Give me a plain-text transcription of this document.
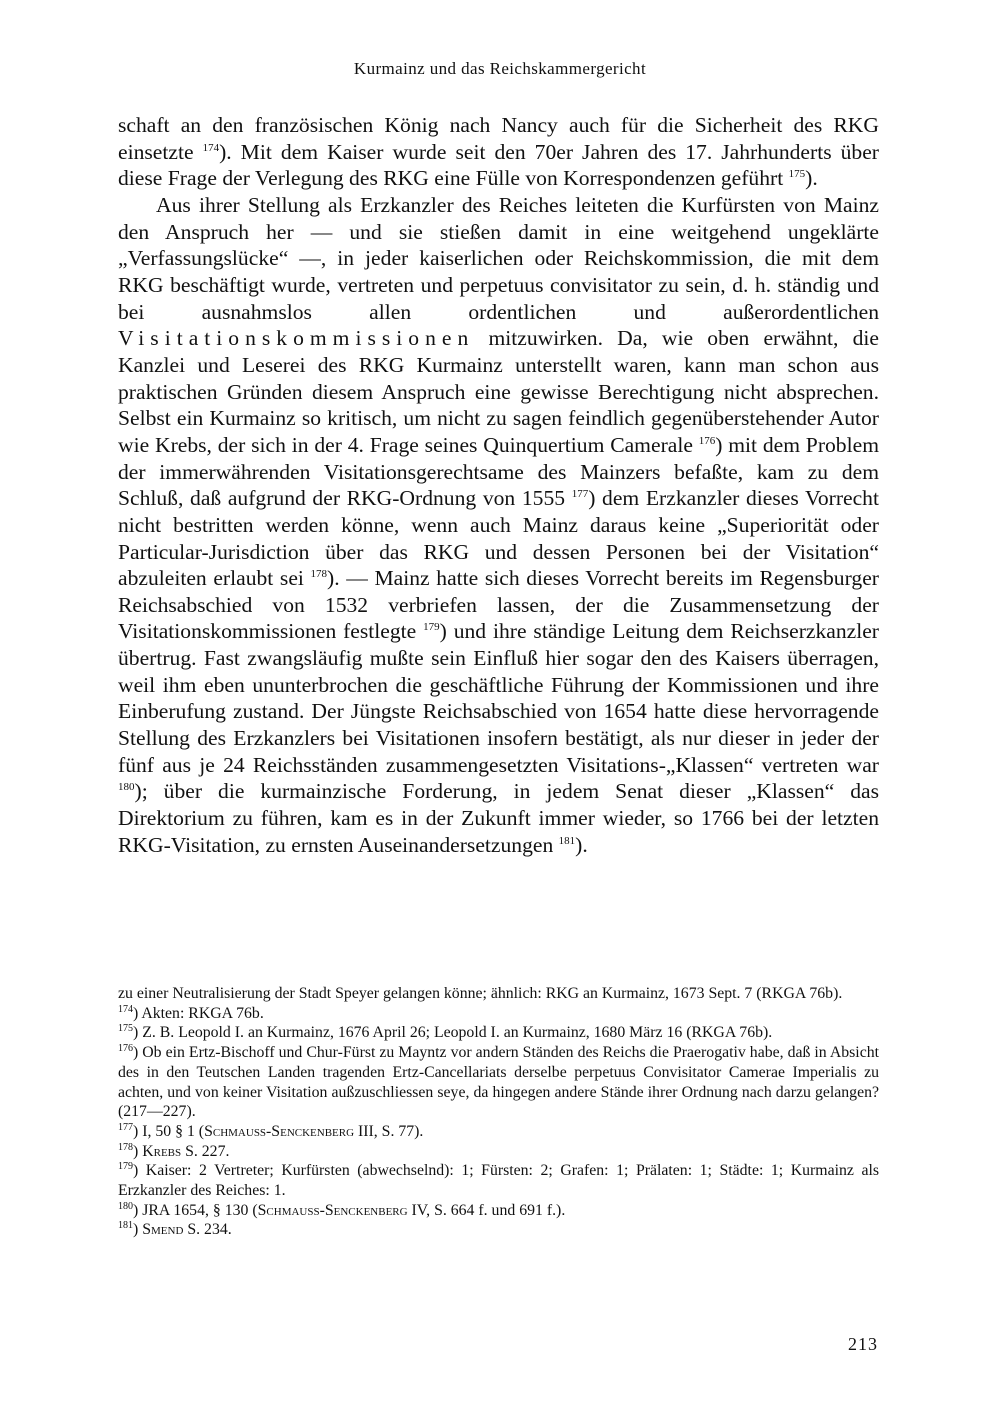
Kurmainz und das Reichskammergericht

schaft an den französischen König nach Nancy auch für die Sicherheit des RKG einsetzte $^{174}$). Mit dem Kaiser wurde seit den 70er Jahren des 17. Jahrhunderts über diese Frage der Verlegung des RKG eine Fülle von Korrespondenzen geführt $^{175}$).

Aus ihrer Stellung als Erzkanzler des Reiches leiteten die Kurfürsten von Mainz den Anspruch her — und sie stießen damit in eine weitgehend ungeklärte „Verfassungslücke“ —, in jeder kaiserlichen oder Reichskommission, die mit dem RKG beschäftigt wurde, vertreten und perpetuus convisitator zu sein, d. h. ständig und bei ausnahmslos allen ordentlichen und außerordentlichen Visitationskommissionen mitzuwirken. Da, wie oben erwähnt, die Kanzlei und Leserei des RKG Kurmainz unterstellt waren, kann man schon aus praktischen Gründen diesem Anspruch eine gewisse Berechtigung nicht absprechen. Selbst ein Kurmainz so kritisch, um nicht zu sagen feindlich gegenüberstehender Autor wie Krebs, der sich in der 4. Frage seines Quinquertium Camerale $^{176}$) mit dem Problem der immerwährenden Visitationsgerechtsame des Mainzers befaßte, kam zu dem Schluß, daß aufgrund der RKG-Ordnung von 1555 $^{177}$) dem Erzkanzler dieses Vorrecht nicht bestritten werden könne, wenn auch Mainz daraus keine „Superiorität oder Particular-Jurisdiction über das RKG und dessen Personen bei der Visitation“ abzuleiten erlaubt sei $^{178}$). — Mainz hatte sich dieses Vorrecht bereits im Regensburger Reichsabschied von 1532 verbriefen lassen, der die Zusammensetzung der Visitationskommissionen festlegte $^{179}$) und ihre ständige Leitung dem Reichserzkanzler übertrug. Fast zwangsläufig mußte sein Einfluß hier sogar den des Kaisers überragen, weil ihm eben ununterbrochen die geschäftliche Führung der Kommissionen und ihre Einberufung zustand. Der Jüngste Reichsabschied von 1654 hatte diese hervorragende Stellung des Erzkanzlers bei Visitationen insofern bestätigt, als nur dieser in jeder der fünf aus je 24 Reichsständen zusammengesetzten Visitations-„Klassen“ vertreten war $^{180}$); über die kurmainzische Forderung, in jedem Senat dieser „Klassen“ das Direktorium zu führen, kam es in der Zukunft immer wieder, so 1766 bei der letzten RKG-Visitation, zu ernsten Auseinandersetzungen $^{181}$).

zu einer Neutralisierung der Stadt Speyer gelangen könne; ähnlich: RKG an Kurmainz, 1673 Sept. 7 (RKGA 76b).

$^{174}$) Akten: RKGA 76b.

$^{175}$) Z. B. Leopold I. an Kurmainz, 1676 April 26; Leopold I. an Kurmainz, 1680 März 16 (RKGA 76b).

$^{176}$) Ob ein Ertz-Bischoff und Chur-Fürst zu Mayntz vor andern Ständen des Reichs die Praerogativ habe, daß in Absicht des in den Teutschen Landen tragenden Ertz-Cancellariats derselbe perpetuus Convisitator Camerae Imperialis zu achten, und von keiner Visitation außzuschliessen seye, da hingegen andere Stände ihrer Ordnung nach darzu gelangen? (217—227).

$^{177}$) I, 50 § 1 (Schmauss-Senckenberg III, S. 77).

$^{178}$) Krebs S. 227.

$^{179}$) Kaiser: 2 Vertreter; Kurfürsten (abwechselnd): 1; Fürsten: 2; Grafen: 1; Prälaten: 1; Städte: 1; Kurmainz als Erzkanzler des Reiches: 1.

$^{180}$) JRA 1654, § 130 (Schmauss-Senckenberg IV, S. 664 f. und 691 f.).

$^{181}$) Smend S. 234.

213
